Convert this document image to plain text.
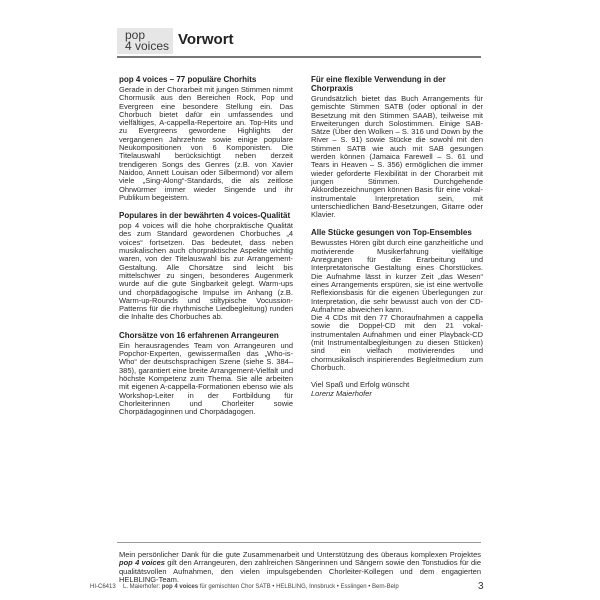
pop
4 voices Vorwort
pop 4 voices – 77 populäre Chorhits
Gerade in der Chorarbeit mit jungen Stimmen nimmt Chormusik aus den Bereichen Rock, Pop und Evergreen eine besondere Stellung ein. Das Chorbuch bietet dafür ein umfassendes und vielfältiges, A-cappella-Repertoire an. Top-Hits und zu Evergreens gewordene Highlights der vergangenen Jahrzehnte sowie einige populare Neukompositionen von 6 Komponisten. Die Titelauswahl berücksichtigt neben derzeit trendigeren Songs des Genres (z.B. von Xavier Naidoo, Annett Louisan oder Silbermond) vor allem viele „Sing-Along“-Standards, die als zeitlose Ohrwürmer immer wieder Singende und ihr Publikum begeistern.
Populares in der bewährten 4 voices-Qualität
pop 4 voices will die hohe chorpraktische Qualität des zum Standard gewordenen Chorbuches „4 voices“ fortsetzen. Das bedeutet, dass neben musikalischen auch chorpraktische Aspekte wichtig waren, von der Titelauswahl bis zur Arrangement-Gestaltung. Alle Chorsätze sind leicht bis mittelschwer zu singen, besonderes Augenmerk wurde auf die gute Singbarkeit gelegt. Warm-ups und chorpädagogische Impulse im Anhang (z.B. Warm-up-Rounds und stiltypische Vocussion-Patterns für die rhythmische Liedbegleitung) runden die Inhalte des Chorbuches ab.
Chorsätze von 16 erfahrenen Arrangeuren
Ein herausragendes Team von Arrangeuren und Popchor-Experten, gewissermaßen das „Who-is-Who“ der deutschsprachigen Szene (siehe S. 384–385), garantiert eine breite Arrangement-Vielfalt und höchste Kompetenz zum Thema. Sie alle arbeiten mit eigenen A-cappella-Formationen ebenso wie als Workshop-Leiter in der Fortbildung für Chorleiterinnen und Chorleiter sowie Chorpädagoginnen und Chorpädagogen.
Für eine flexible Verwendung in der Chorpraxis
Grundsätzlich bietet das Buch Arrangements für gemischte Stimmen SATB (oder optional in der Besetzung mit den Stimmen SAAB), teilweise mit Erweiterungen durch Solostimmen. Einige SAB-Sätze (Über den Wolken – S. 316 und Down by the River – S. 91) sowie Stücke die sowohl mit den Stimmen SATB wie auch mit SAB gesungen werden können (Jamaica Farewell – S. 61 und Tears in Heaven – S. 356) ermöglichen die immer wieder geforderte Flexibilität in der Chorarbeit mit jungen Stimmen. Durchgehende Akkordbezeichnungen können Basis für eine vokal-instrumentale Interpretation sein, mit unterschiedlichen Band-Besetzungen, Gitarre oder Klavier.
Alle Stücke gesungen von Top-Ensembles
Bewusstes Hören gibt durch eine ganzheitliche und motivierende Musikerfahrung vielfältige Anregungen für die Erarbeitung und Interpretatorische Gestaltung eines Chorstückes. Die Aufnahme lässt in kurzer Zeit „das Wesen“ eines Arrangements erspüren, sie ist eine wertvolle Reflexionsbasis für die eigenen Überlegungen zur Interpretation, die sehr bewusst auch von der CD-Aufnahme abweichen kann.
Die 4 CDs mit den 77 Choraufnahmen a cappella sowie die Doppel-CD mit den 21 vokal-instrumentalen Aufnahmen und einer Playback-CD (mit Instrumentalbegleitungen zu diesen Stücken) sind ein vielfach motivierendes und chormusikalisch inspirierendes Begleitmedium zum Chorbuch.
Viel Spaß und Erfolg wünscht
Lorenz Maierhofer
Mein persönlicher Dank für die gute Zusammenarbeit und Unterstützung des überaus komplexen Projektes pop 4 voices gilt den Arrangeuren, den zahlreichen Sängerinnen und Sängern sowie den Tonstudios für die qualitätsvollen Aufnahmen, den vielen impulsgebenden Chorleiter-Kollegen und dem engagierten HELBLING-Team.
HI-C6413 L. Maierhofer: pop 4 voices für gemischten Chor SATB • HELBLING, Innsbruck • Esslingen • Bern-Belp	3
